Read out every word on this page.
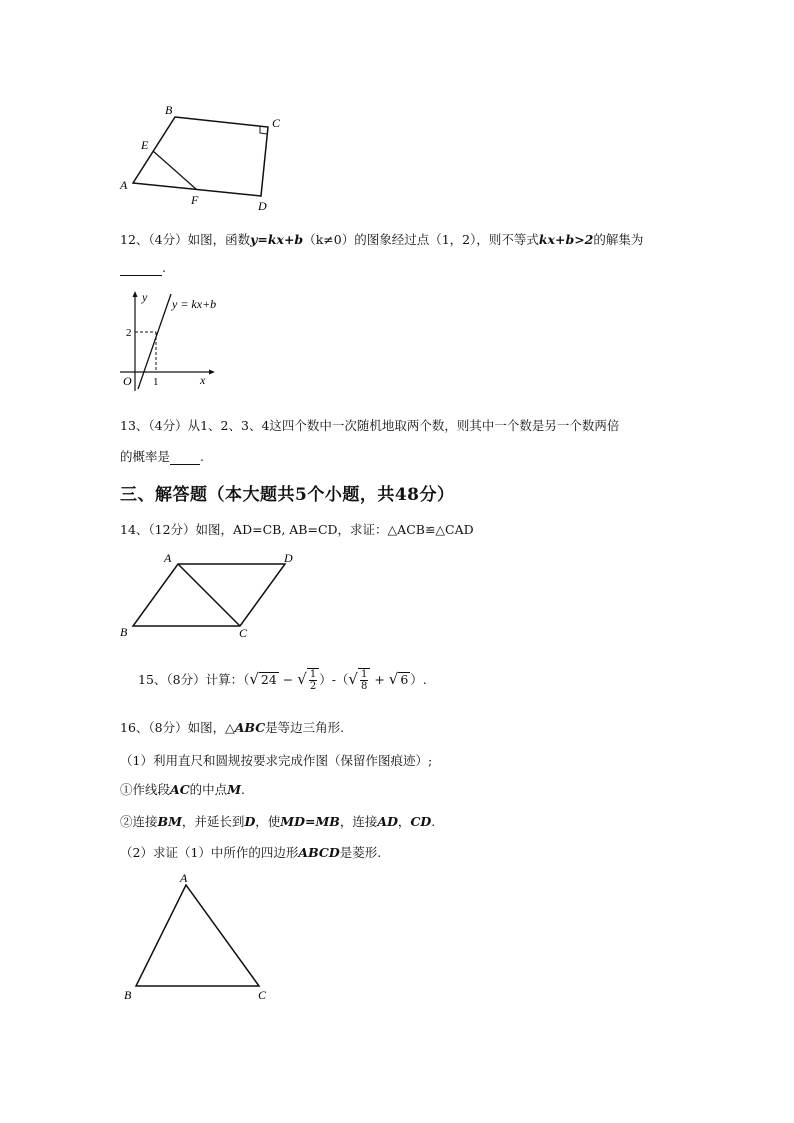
B
C
E
A
F	D
12、（4分）如图，函数y=kx+b（k≠0）的图象经过点（1，2），则不等式kx+b>2的解集为
.
y y = kx+b
2
O 1	x
13、（4分）从1、2、3、4这四个数中一次随机地取两个数，则其中一个数是另一个数两倍
的概率是 .
三、解答题（本大题共5个小题，共48分）
14、（12分）如图，AD=CB, AB=CD，求证：△ACB≌△CAD
A	D
B	C
15、（8分）计算：（√ 24 − √ $\frac{1}{2}$ ）-（√ $\frac{1}{8}$ + √ 6 ）.
16、（8分）如图，△ABC是等边三角形.
（1）利用直尺和圆规按要求完成作图（保留作图痕迹）;
①作线段AC的中点M.
②连接BM，并延长到D，使MD=MB，连接AD，CD.
（2）求证（1）中所作的四边形ABCD是菱形.
A
B	C
